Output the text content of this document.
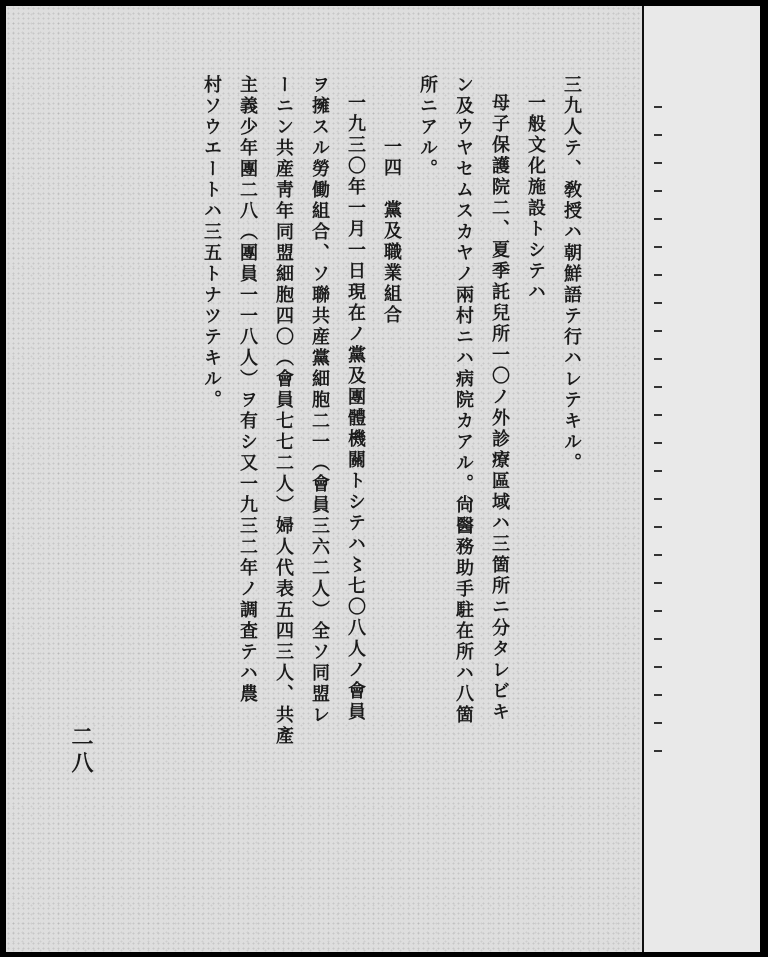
三九人テ、敎授ハ朝鮮語テ行ハレテキル。
一般文化施設トシテハ
母子保護院二、夏季託兒所一〇ノ外診療區域ハ三箇所ニ分タレビキ
ン及ウヤセムスカヤノ兩村ニハ病院カアル。尙醫務助手駐在所ハ八箇
所ニアル。
一四　黨及職業組合
一九三〇年一月一日現在ノ黨及團體機關トシテハ〻七〇八人ノ會員
ヲ擁スル勞働組合、ソ聯共産黨細胞二一（會員三六二人）全ソ同盟レ
ーニン共産靑年同盟細胞四〇（會員七七二人）婦人代表五四三人、共產
主義少年團二八（團員一一八人）ヲ有シ又一九三二年ノ調査テハ農
村ソウエートハ三五トナツテキル。
二八
